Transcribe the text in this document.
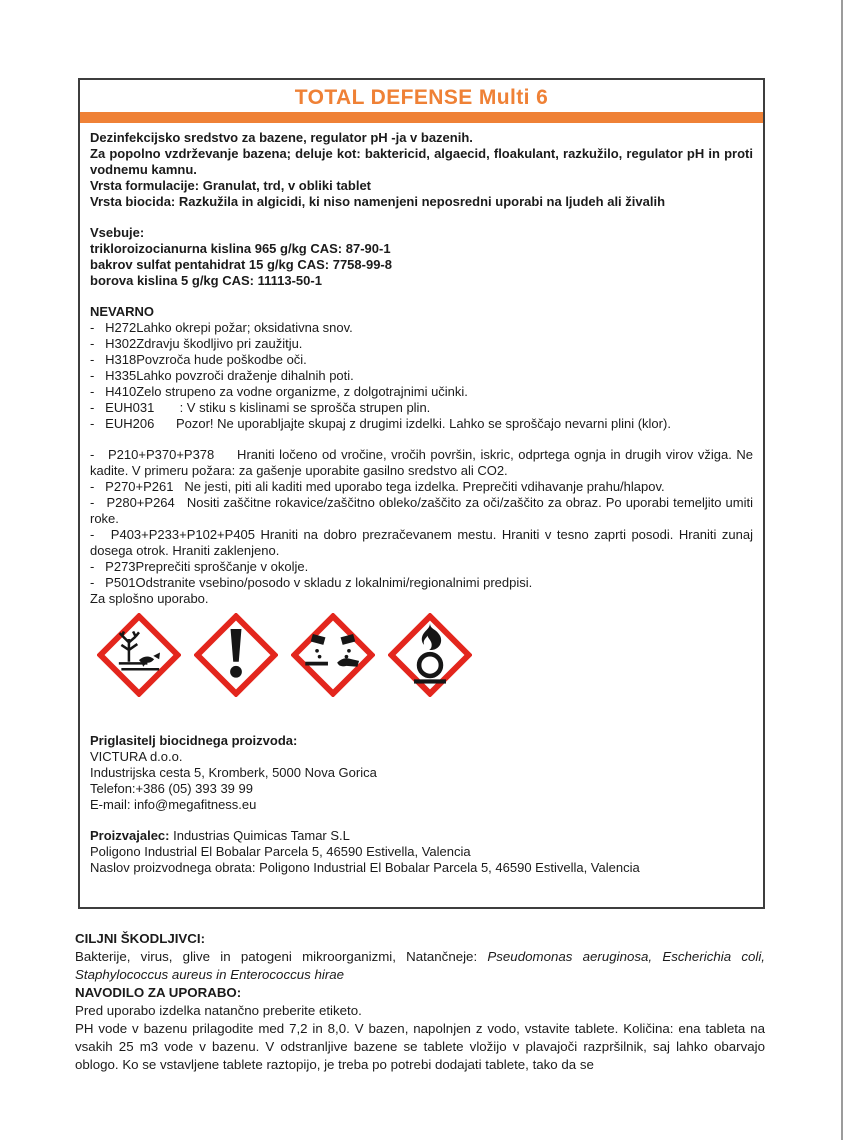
TOTAL DEFENSE Multi 6

Dezinfekcijsko sredstvo za bazene, regulator pH -ja v bazenih.

Za popolno vzdrževanje bazena; deluje kot: baktericid, algaecid, floakulant, razkužilo, regulator pH in proti vodnemu kamnu.

Vrsta formulacije: Granulat, trd, v obliki tablet

Vrsta biocida: Razkužila in algicidi, ki niso namenjeni neposredni uporabi na ljudeh ali živalih

Vsebuje:

trikloroizocianurna kislina 965 g/kg CAS: 87-90-1

bakrov sulfat pentahidrat 15 g/kg CAS: 7758-99-8

borova kislina 5 g/kg CAS: 11113-50-1

NEVARNO

-   H272Lahko okrepi požar; oksidativna snov.

-   H302Zdravju škodljivo pri zaužitju.

-   H318Povzroča hude poškodbe oči.

-   H335Lahko povzroči draženje dihalnih poti.

-   H410Zelo strupeno za vodne organizme, z dolgotrajnimi učinki.

-   EUH031       : V stiku s kislinami se sprošča strupen plin.

-   EUH206      Pozor! Ne uporabljajte skupaj z drugimi izdelki. Lahko se sproščajo nevarni plini (klor).

-   P210+P370+P378     Hraniti ločeno od vročine, vročih površin, iskric, odprtega ognja in drugih virov vžiga. Ne kadite. V primeru požara: za gašenje uporabite gasilno sredstvo ali CO2.

-   P270+P261   Ne jesti, piti ali kaditi med uporabo tega izdelka. Preprečiti vdihavanje prahu/hlapov.

-   P280+P264   Nositi zaščitne rokavice/zaščitno obleko/zaščito za oči/zaščito za obraz. Po uporabi temeljito umiti roke.

-   P403+P233+P102+P405 Hraniti na dobro prezračevanem mestu. Hraniti v tesno zaprti posodi. Hraniti zunaj dosega otrok. Hraniti zaklenjeno.

-   P273Preprečiti sproščanje v okolje.

-   P501Odstranite vsebino/posodo v skladu z lokalnimi/regionalnimi predpisi.

Za splošno uporabo.

Priglasitelj biocidnega proizvoda:

VICTURA d.o.o.

Industrijska cesta 5, Kromberk, 5000 Nova Gorica

Telefon:+386 (05) 393 39 99

E-mail: info@megafitness.eu

Proizvajalec: Industrias Quimicas Tamar S.L

Poligono Industrial El Bobalar Parcela 5, 46590 Estivella, Valencia

Naslov proizvodnega obrata: Poligono Industrial El Bobalar Parcela 5, 46590 Estivella, Valencia

CILJNI ŠKODLJIVCI:

Bakterije, virus, glive in patogeni mikroorganizmi, Natančneje: Pseudomonas aeruginosa, Escherichia coli, Staphylococcus aureus in Enterococcus hirae

NAVODILO ZA UPORABO:

Pred uporabo izdelka natančno preberite etiketo.

PH vode v bazenu prilagodite med 7,2 in 8,0. V bazen, napolnjen z vodo, vstavite tablete. Količina: ena tableta na vsakih 25 m3 vode v bazenu. V odstranljive bazene se tablete vložijo v plavajoči razpršilnik, saj lahko obarvajo oblogo. Ko se vstavljene tablete raztopijo, je treba po potrebi dodajati tablete, tako da se
